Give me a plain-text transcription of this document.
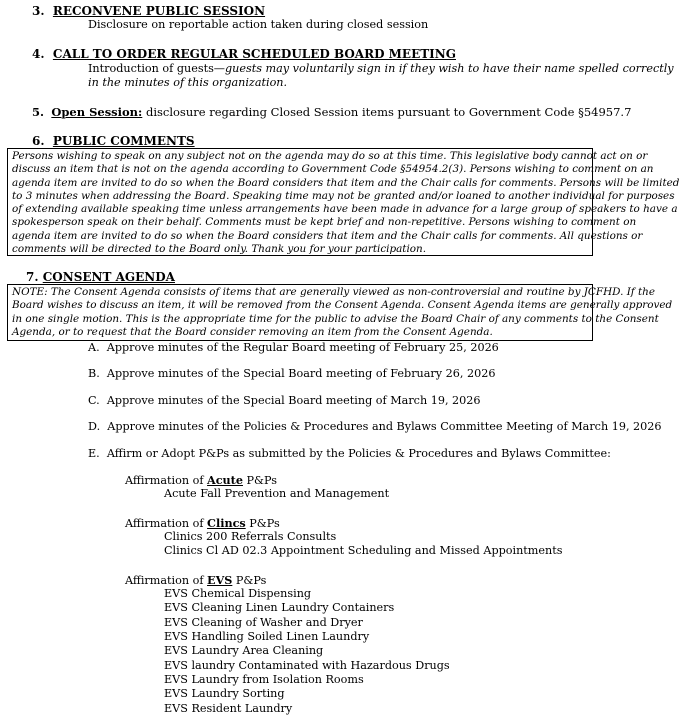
3. RECONVENE PUBLIC SESSION
Disclosure on reportable action taken during closed session
4. CALL TO ORDER REGULAR SCHEDULED BOARD MEETING
Introduction of guests—guests may voluntarily sign in if they wish to have their name spelled correctly
in the minutes of this organization.
5. Open Session: disclosure regarding Closed Session items pursuant to Government Code §54957.7
6. PUBLIC COMMENTS
Persons wishing to speak on any subject not on the agenda may do so at this time. This legislative body cannot act on or
discuss an item that is not on the agenda according to Government Code §54954.2(3). Persons wishing to comment on an
agenda item are invited to do so when the Board considers that item and the Chair calls for comments. Persons will be limited
to 3 minutes when addressing the Board. Speaking time may not be granted and/or loaned to another individual for purposes
of extending available speaking time unless arrangements have been made in advance for a large group of speakers to have a
spokesperson speak on their behalf. Comments must be kept brief and non-repetitive. Persons wishing to comment on
agenda item are invited to do so when the Board considers that item and the Chair calls for comments. All questions or
comments will be directed to the Board only. Thank you for your participation.
7. CONSENT AGENDA
NOTE: The Consent Agenda consists of items that are generally viewed as non-controversial and routine by JCFHD. If the
Board wishes to discuss an item, it will be removed from the Consent Agenda. Consent Agenda items are generally approved
in one single motion. This is the appropriate time for the public to advise the Board Chair of any comments to the Consent
Agenda, or to request that the Board consider removing an item from the Consent Agenda.
A. Approve minutes of the Regular Board meeting of February 25, 2026
B. Approve minutes of the Special Board meeting of February 26, 2026
C. Approve minutes of the Special Board meeting of March 19, 2026
D. Approve minutes of the Policies & Procedures and Bylaws Committee Meeting of March 19, 2026
E. Affirm or Adopt P&Ps as submitted by the Policies & Procedures and Bylaws Committee:
Affirmation of Acute P&Ps
Acute Fall Prevention and Management
Affirmation of Clincs P&Ps
Clinics 200 Referrals Consults
Clinics Cl AD 02.3 Appointment Scheduling and Missed Appointments
Affirmation of EVS P&Ps
EVS Chemical Dispensing
EVS Cleaning Linen Laundry Containers
EVS Cleaning of Washer and Dryer
EVS Handling Soiled Linen Laundry
EVS Laundry Area Cleaning
EVS laundry Contaminated with Hazardous Drugs
EVS Laundry from Isolation Rooms
EVS Laundry Sorting
EVS Resident Laundry
